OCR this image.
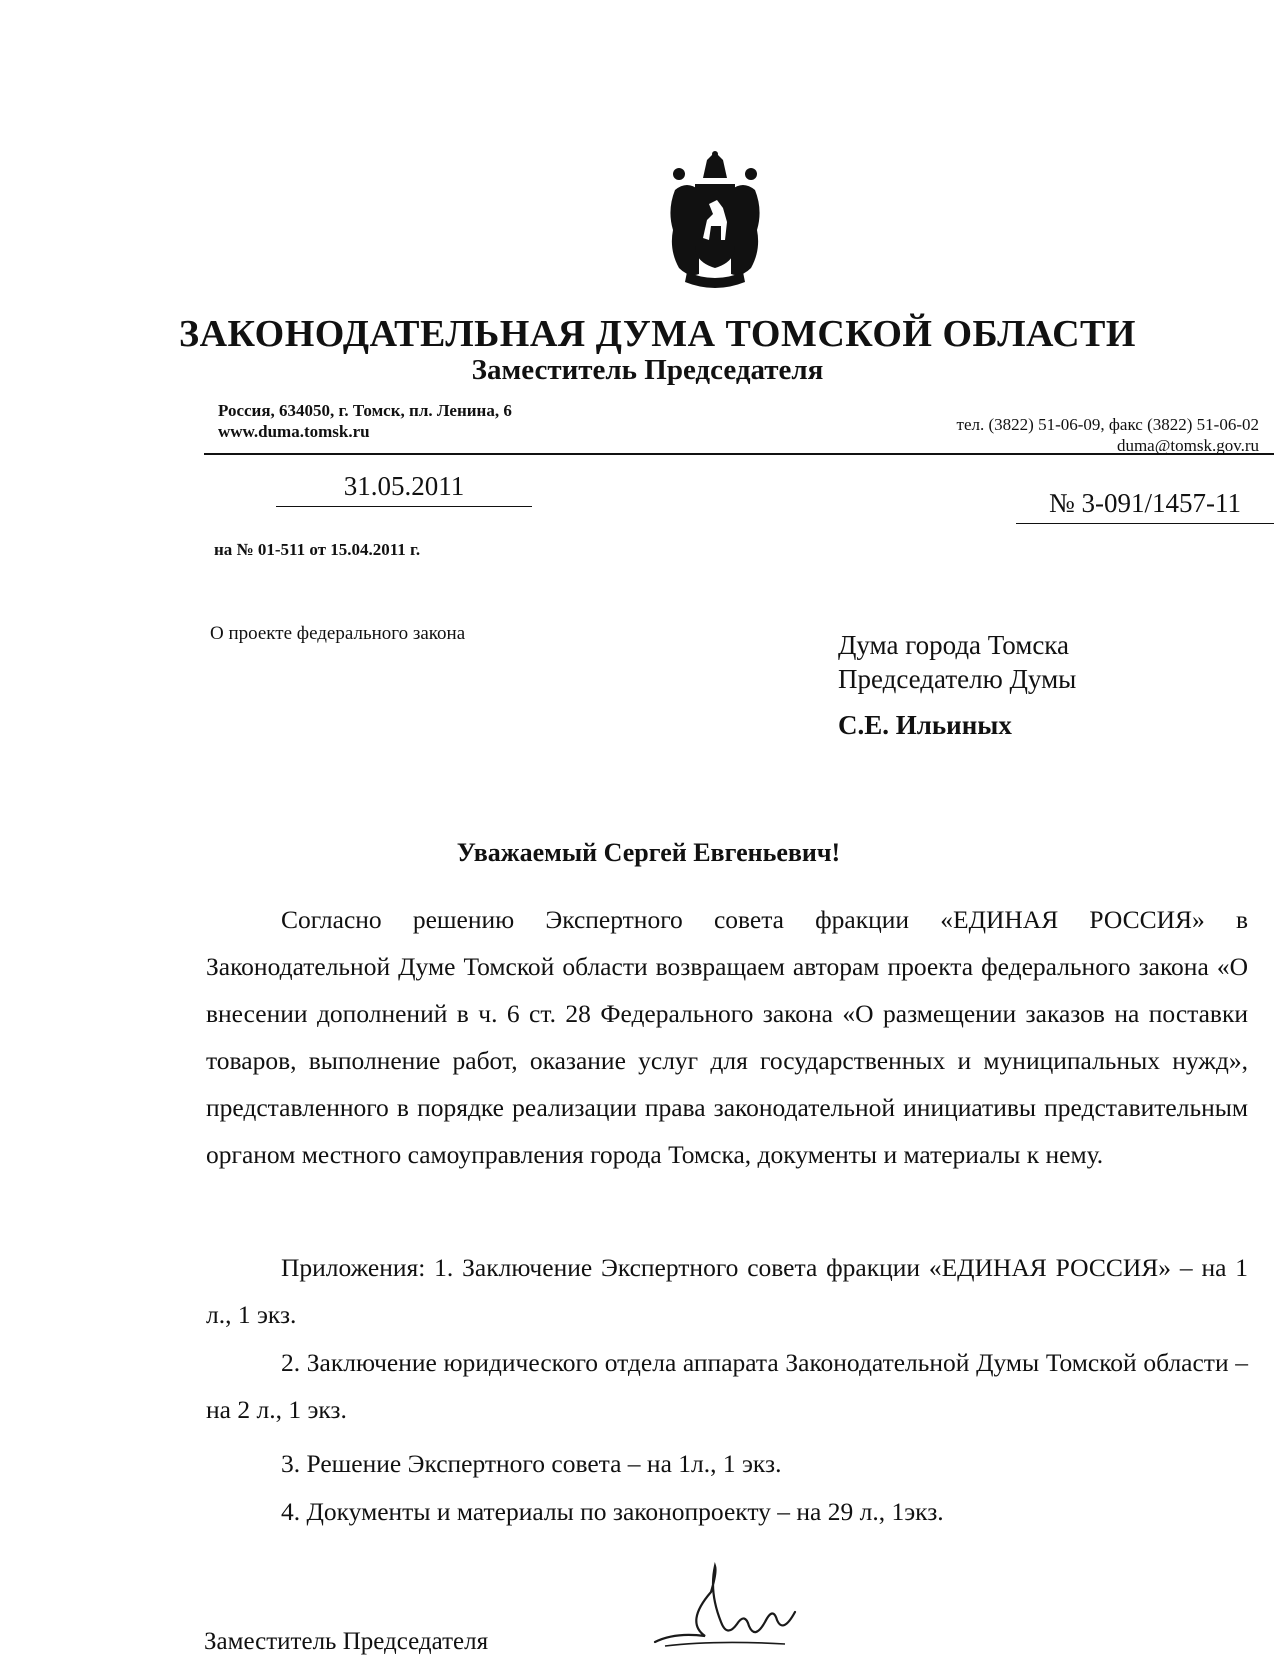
ЗАКОНОДАТЕЛЬНАЯ ДУМА ТОМСКОЙ ОБЛАСТИ
Заместитель Председателя
Россия, 634050, г. Томск, пл. Ленина, 6
www.duma.tomsk.ru	тел. (3822) 51-06-09, факс (3822) 51-06-02
duma@tomsk.gov.ru
31.05.2011
№ 3-091/1457-11
на № 01-511 от 15.04.2011 г.
О проекте федерального закона	Дума города Томска
Председателю Думы
С.Е. Ильиных
Уважаемый Сергей Евгеньевич!
Согласно решению Экспертного совета фракции «ЕДИНАЯ РОССИЯ» в Законодательной Думе Томской области возвращаем авторам проекта федерального закона «О внесении дополнений в ч. 6 ст. 28 Федерального закона «О размещении заказов на поставки товаров, выполнение работ, оказание услуг для государственных и муниципальных нужд», представленного в порядке реализации права законодательной инициативы представительным органом местного самоуправления города Томска, документы и материалы к нему.
Приложения: 1. Заключение Экспертного совета фракции «ЕДИНАЯ РОССИЯ» – на 1 л., 1 экз.
2. Заключение юридического отдела аппарата Законодательной Думы Томской области – на 2 л., 1 экз.
3. Решение Экспертного совета – на 1л., 1 экз.
4. Документы и материалы по законопроекту – на 29 л., 1экз.
Заместитель Председателя
